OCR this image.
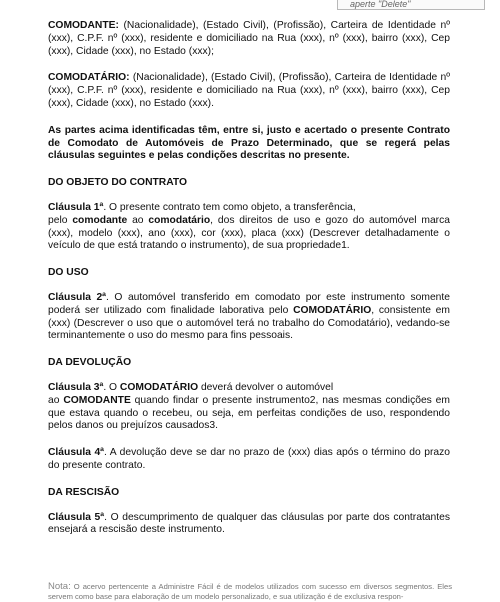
aperte "Delete"

COMODANTE: (Nacionalidade), (Estado Civil), (Profissão), Carteira de Identidade nº (xxx), C.P.F. nº (xxx), residente e domiciliado na Rua (xxx), nº (xxx), bairro (xxx), Cep (xxx), Cidade (xxx), no Estado (xxx);

COMODATÁRIO: (Nacionalidade), (Estado Civil), (Profissão), Carteira de Identidade nº (xxx), C.P.F. nº (xxx), residente e domiciliado na Rua (xxx), nº (xxx), bairro (xxx), Cep (xxx), Cidade (xxx), no Estado (xxx).

As partes acima identificadas têm, entre si, justo e acertado o presente Contrato de Comodato de Automóveis de Prazo Determinado, que se regerá pelas cláusulas seguintes e pelas condições descritas no presente.

DO OBJETO DO CONTRATO

Cláusula 1ª. O presente contrato tem como objeto, a transferência,

pelo comodante ao comodatário, dos direitos de uso e gozo do automóvel marca (xxx), modelo (xxx), ano (xxx), cor (xxx), placa (xxx) (Descrever detalhadamente o veículo de que está tratando o instrumento), de sua propriedade1.

DO USO

Cláusula 2ª. O automóvel transferido em comodato por este instrumento somente poderá ser utilizado com finalidade laborativa pelo COMODATÁRIO, consistente em (xxx) (Descrever o uso que o automóvel terá no trabalho do Comodatário), vedando-se terminantemente o uso do mesmo para fins pessoais.

DA DEVOLUÇÃO

Cláusula 3ª. O COMODATÁRIO deverá devolver o automóvel

ao COMODANTE quando findar o presente instrumento2, nas mesmas condições em que estava quando o recebeu, ou seja, em perfeitas condições de uso, respondendo pelos danos ou prejuízos causados3.

Cláusula 4ª. A devolução deve se dar no prazo de (xxx) dias após o término do prazo do presente contrato.

DA RESCISÃO

Cláusula 5ª. O descumprimento de qualquer das cláusulas por parte dos contratantes ensejará a rescisão deste instrumento.

Nota: O acervo pertencente a Administre Fácil é de modelos utilizados com sucesso em diversos segmentos. Eles servem como base para elaboração de um modelo personalizado, e sua utilização é de exclusiva respon-
